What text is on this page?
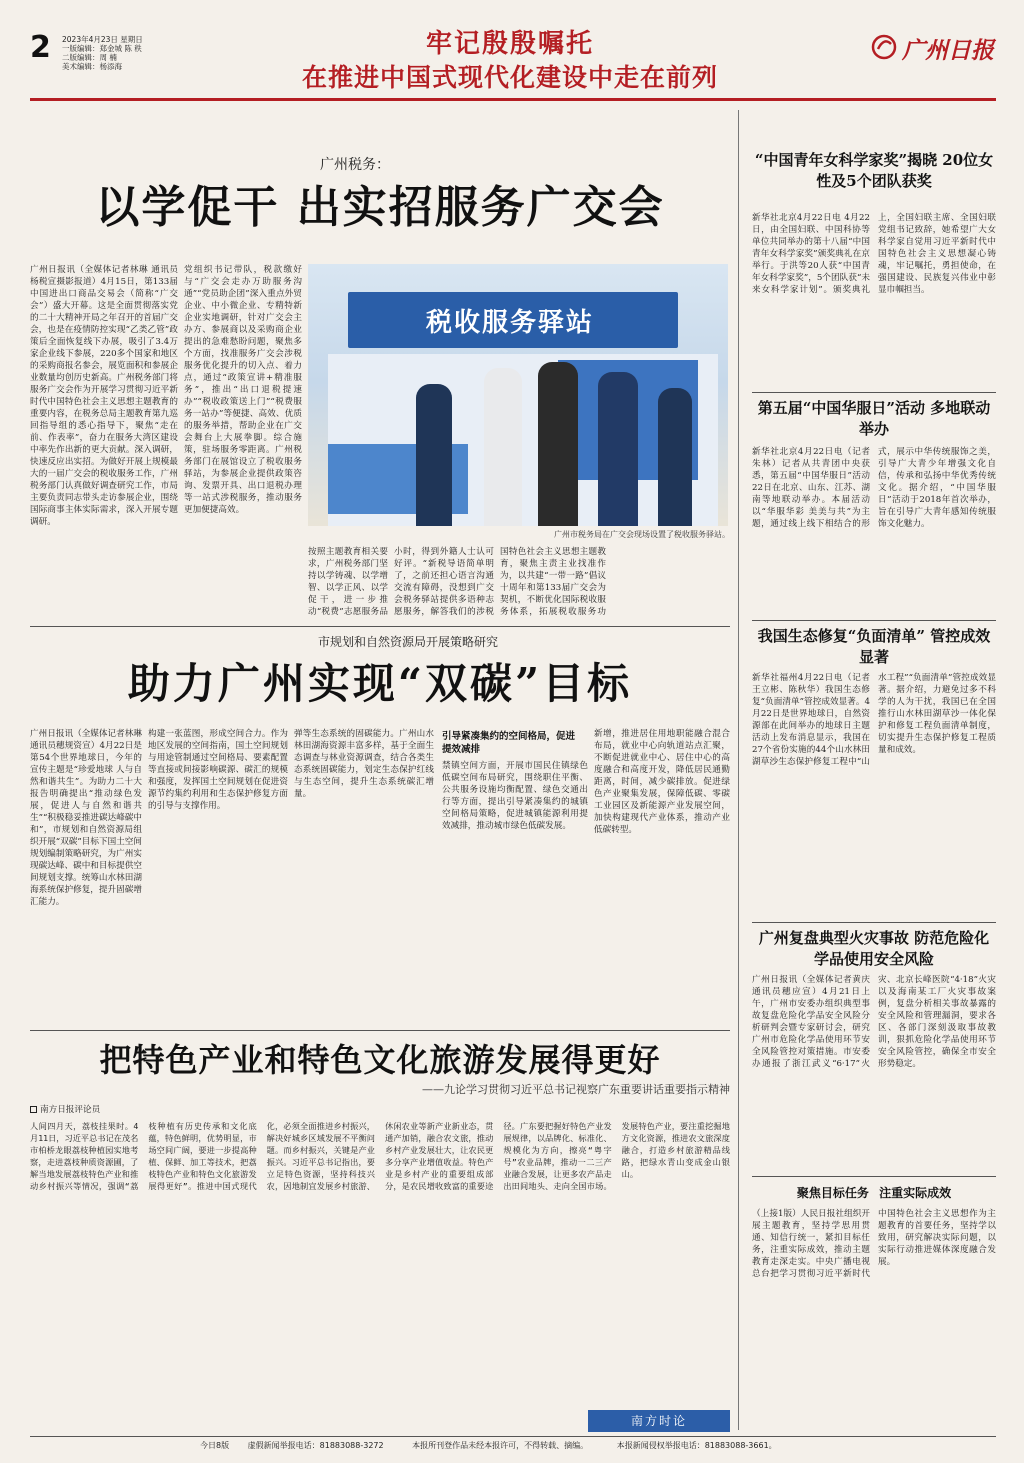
2	2023年4月23日 星期日
一版编辑：郑金城 陈 秩
二版编辑：周 楠
美术编辑：杨添海
牢记殷殷嘱托
在推进中国式现代化建设中走在前列
广州日报
广州税务：
以学促干 出实招服务广交会
广州日报讯（全媒体记者林琳 通讯员杨税宣摄影报道）4月15日，第133届中国进出口商品交易会（简称“广交会”）盛大开幕。这是全面贯彻落实党的二十大精神开局之年召开的首届广交会，也是在疫情防控实现“乙类乙管”政策后全面恢复线下办展，吸引了3.4万家企业线下参展，220多个国家和地区的采购商报名参会，展览面积和参展企业数量均创历史新高。广州税务部门将服务广交会作为开展学习贯彻习近平新时代中国特色社会主义思想主题教育的重要内容，在税务总局主题教育第九巡回指导组的悉心指导下，聚焦“走在前、作表率”，奋力在服务大湾区建设中率先作出新的更大贡献。深入调研，快速反应出实招。为做好开展上规模最大的一届广交会的税收服务工作，广州税务部门认真做好调查研究工作，市局主要负责同志带头走访参展企业，围绕国际商事主体实际需求，深入开展专题调研。
党组织书记带队，税款缴好与“广交会走办万助服务沟通”“党员助企团”深入重点外贸企业、中小微企业、专精特新企业实地调研，针对广交会主办方、参展商以及采购商企业提出的急难愁盼问题，聚焦多个方面，找准服务广交会涉税服务优化提升的切入点、着力点，通过“政策宣讲+精准服务”，推出“出口退税提速办”“税收政策送上门”“税费服务一站办”等便捷、高效、优质的服务举措，帮助企业在广交会舞台上大展拳脚。综合施策，驻场服务零距离。广州税务部门在展馆设立了税收服务驿站，为参展企业提供政策咨询、发票开具、出口退税办理等一站式涉税服务，推动服务更加便捷高效。
税收服务驿站
广州市税务局在广交会现场设置了税收服务驿站。
按照主题教育相关要求，广州税务部门坚持以学铸魂、以学增智、以学正风、以学促干，进一步推动“税费”志愿服务品
小时，得到外籍人士认可好评。“新税导语简单明了，之前还担心语言沟通交流有障碍，没想到广交会税务驿站提供多语种志愿服务，解答我们的涉税
国特色社会主义思想主题教育，聚焦主责主业找准作为，以共建“一带一路”倡议十周年和第133届广交会为契机，不断优化国际税收服务体系，拓展税收服务功
市规划和自然资源局开展策略研究
助力广州实现“双碳”目标
广州日报讯（全媒体记者林琳 通讯员穗规资宣）4月22日是第54个世界地球日，今年的宣传主题是“珍爱地球 人与自然和谐共生”。为助力二十大报告明确提出“推动绿色发展，促进人与自然和谐共生”“积极稳妥推进碳达峰碳中和”，市规划和自然资源局组织开展“双碳”目标下国土空间规划编制策略研究，为广州实现碳达峰、碳中和目标提供空间规划支撑。统筹山水林田湖海系统保护修复，提升固碳增汇能力。
构建一张蓝图，形成空间合力。作为地区发展的空间指南，国土空间规划与用途管制通过空间格局、要素配置等直接或间接影响碳源、碳汇的规模和强度，发挥国土空间规划在促进资源节约集约利用和生态保护修复方面的引导与支撑作用。
弹等生态系统的固碳能力。广州山水林田湖海资源丰富多样，基于全面生态调查与林业资源调查，结合各类生态系统固碳能力，划定生态保护红线与生态空间，提升生态系统碳汇增量。
引导紧凑集约的空间格局，促进提效减排
禁镇空间方面，开展市国民住镇绿色低碳空间布局研究，围绕职住平衡、公共服务设施均衡配置、绿色交通出行等方面，提出引导紧凑集约的城镇空间格局策略，促进城镇能源利用提效减排，推动城市绿色低碳发展。
新增，推进居住用地职能融合混合布局，就业中心向轨道站点汇聚，不断促进就业中心、居住中心的高度融合和高度开发，降低居民通勤距离，时间，减少碳排放。促进绿色产业聚集发展，保障低碳、零碳工业园区及新能源产业发展空间，加快构建现代产业体系，推动产业低碳转型。
把特色产业和特色文化旅游发展得更好
——九论学习贯彻习近平总书记视察广东重要讲话重要指示精神
南方日报评论员
人间四月天，荔枝挂果时。4月11日，习近平总书记在茂名市柏桥龙眼荔枝种植园实地考察，走进荔枝种质资源圃，了解当地发展荔枝特色产业和推动乡村振兴等情况，强调“荔枝种植有历史传承和文化底蕴，特色鲜明，优势明显，市场空间广阔，要进一步提高种植、保鲜、加工等技术，把荔枝特色产业和特色文化旅游发展得更好”。推进中国式现代化，必须全面推进乡村振兴，解决好城乡区域发展不平衡问题。而乡村振兴，关键是产业振兴。习近平总书记指出，要立足特色资源，坚持科技兴农，因地制宜发展乡村旅游、休闲农业等新产业新业态，贯通产加销，融合农文旅，推动乡村产业发展壮大，让农民更多分享产业增值收益。特色产业是乡村产业的重要组成部分，是农民增收致富的重要途径。广东要把握好特色产业发展规律，以品牌化、标准化、规模化为方向，擦亮“粤字号”农业品牌，推动一二三产业融合发展，让更多农产品走出田间地头、走向全国市场。发展特色产业，要注重挖掘地方文化资源，推进农文旅深度融合，打造乡村旅游精品线路，把绿水青山变成金山银山。
南方时论
“中国青年女科学家奖”揭晓 20位女性及5个团队获奖
新华社北京4月22日电 4月22日，由全国妇联、中国科协等单位共同举办的第十八届“中国青年女科学家奖”颁奖典礼在京举行。于洪等20人获“中国青年女科学家奖”，5个团队获“未来女科学家计划”。颁奖典礼上，全国妇联主席、全国妇联党组书记致辞，她希望广大女科学家自觉用习近平新时代中国特色社会主义思想凝心铸魂，牢记嘱托，勇担使命，在强国建设、民族复兴伟业中彰显巾帼担当。
第五届“中国华服日”活动 多地联动举办
新华社北京4月22日电（记者朱林）记者从共青团中央获悉，第五届“中国华服日”活动22日在北京、山东、江苏、湖南等地联动举办。本届活动以“华服华彩 美美与共”为主题，通过线上线下相结合的形式，展示中华传统服饰之美，引导广大青少年增强文化自信，传承和弘扬中华优秀传统文化。据介绍，“中国华服日”活动于2018年首次举办，旨在引导广大青年感知传统服饰文化魅力。
我国生态修复“负面清单” 管控成效显著
新华社福州4月22日电（记者王立彬、陈秋华）我国生态修复“负面清单”管控成效显著。4月22日是世界地球日，自然资源部在此间举办的地球日主题活动上发布消息显示，我国在27个省份实施的44个山水林田湖草沙生态保护修复工程中“山水工程”“负面清单”管控成效显著。据介绍，力避免过多不科学的人为干扰，我国已在全国推行山水林田湖草沙一体化保护和修复工程负面清单制度，切实提升生态保护修复工程质量和成效。
广州复盘典型火灾事故 防范危险化学品使用安全风险
广州日报讯（全媒体记者黄庆 通讯员穗应宣）4月21日上午，广州市安委办组织典型事故复盘危险化学品安全风险分析研判会暨专家研讨会，研究广州市危险化学品使用环节安全风险管控对策措施。市安委办通报了浙江武义“6·17”火灾、北京长峰医院“4·18”火灾以及海南某工厂火灾事故案例，复盘分析相关事故暴露的安全风险和管理漏洞，要求各区、各部门深刻汲取事故教训，狠抓危险化学品使用环节安全风险管控，确保全市安全形势稳定。
聚焦目标任务 注重实际成效
（上接1版）人民日报社组织开展主题教育，坚持学思用贯通、知信行统一，紧扣目标任务，注重实际成效，推动主题教育走深走实。中央广播电视总台把学习贯彻习近平新时代中国特色社会主义思想作为主题教育的首要任务，坚持学以致用，研究解决实际问题，以实际行动推进媒体深度融合发展。
今日8版 虚假新闻举报电话：81883088-3272	本报所刊登作品未经本报许可，不得转载、摘编。	本报新闻侵权举报电话：81883088-3661。
